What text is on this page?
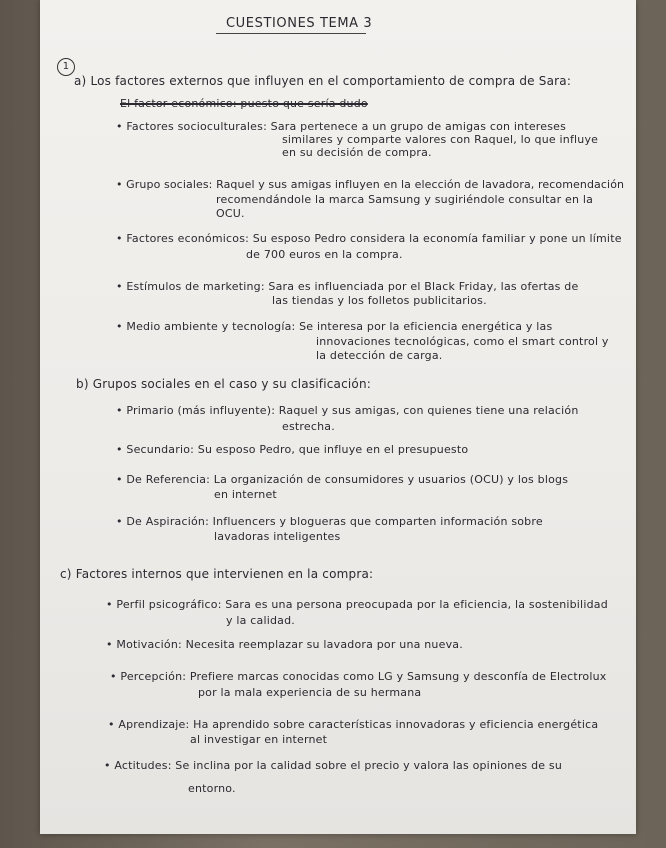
CUESTIONES TEMA 3
1
a) Los factores externos que influyen en el comportamiento de compra de Sara:
El factor económico: puesto que sería dudo
• Factores socioculturales: Sara pertenece a un grupo de amigas con intereses
similares y comparte valores con Raquel, lo que influye
en su decisión de compra.
• Grupo sociales: Raquel y sus amigas influyen en la elección de lavadora, recomendación
recomendándole la marca Samsung y sugiriéndole consultar en la
OCU.
• Factores económicos: Su esposo Pedro considera la economía familiar y pone un límite
de 700 euros en la compra.
• Estímulos de marketing: Sara es influenciada por el Black Friday, las ofertas de
las tiendas y los folletos publicitarios.
• Medio ambiente y tecnología: Se interesa por la eficiencia energética y las
innovaciones tecnológicas, como el smart control y
la detección de carga.
b) Grupos sociales en el caso y su clasificación:
• Primario (más influyente): Raquel y sus amigas, con quienes tiene una relación
estrecha.
• Secundario: Su esposo Pedro, que influye en el presupuesto
• De Referencia: La organización de consumidores y usuarios (OCU) y los blogs
en internet
• De Aspiración: Influencers y blogueras que comparten información sobre
lavadoras inteligentes
c) Factores internos que intervienen en la compra:
• Perfil psicográfico: Sara es una persona preocupada por la eficiencia, la sostenibilidad
y la calidad.
• Motivación: Necesita reemplazar su lavadora por una nueva.
• Percepción: Prefiere marcas conocidas como LG y Samsung y desconfía de Electrolux
por la mala experiencia de su hermana
• Aprendizaje: Ha aprendido sobre características innovadoras y eficiencia energética
al investigar en internet
• Actitudes: Se inclina por la calidad sobre el precio y valora las opiniones de su
entorno.
